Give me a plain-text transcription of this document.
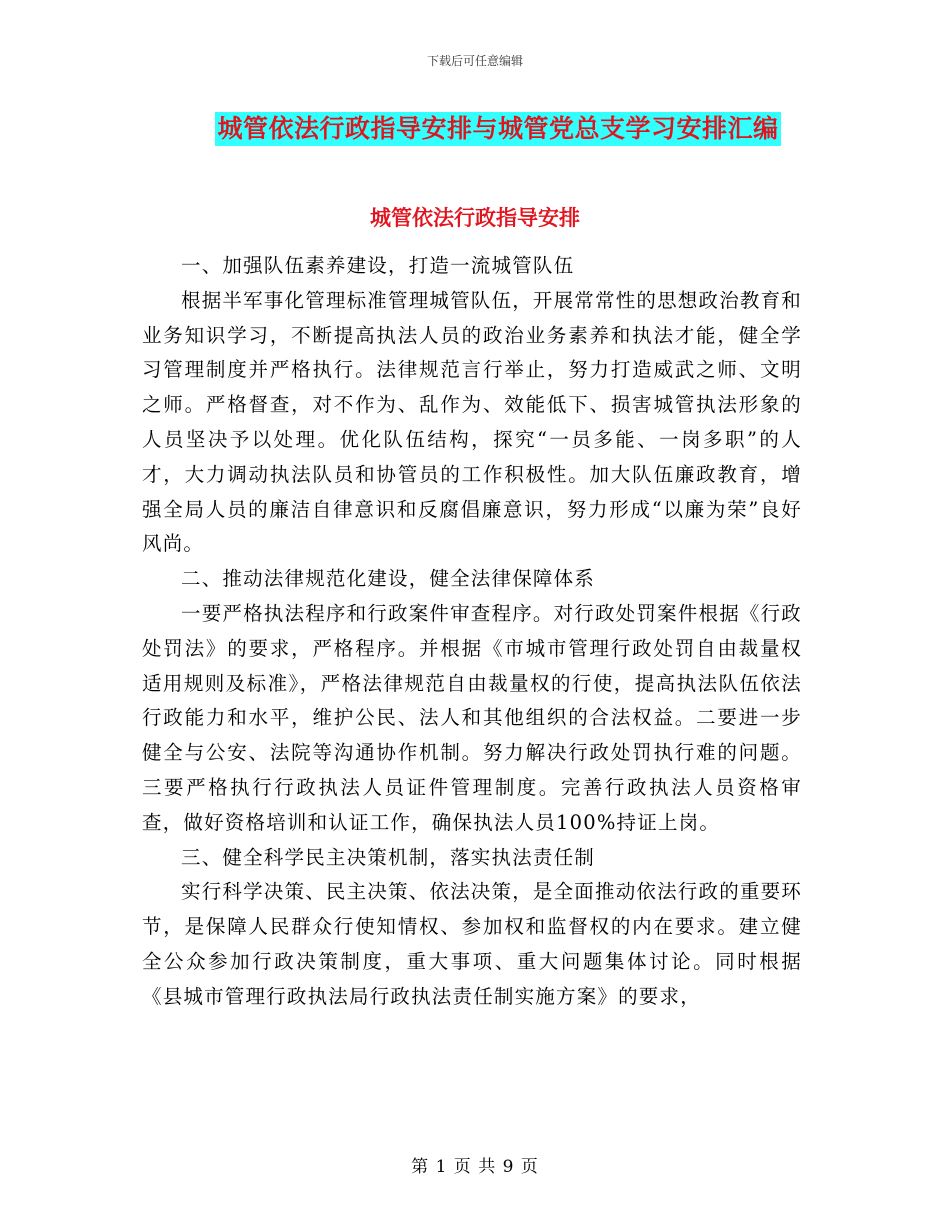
下载后可任意编辑
城管依法行政指导安排与城管党总支学习安排汇编
城管依法行政指导安排

一、加强队伍素养建设，打造一流城管队伍

根据半军事化管理标准管理城管队伍，开展常常性的思想政治教育和业务知识学习，不断提高执法人员的政治业务素养和执法才能，健全学习管理制度并严格执行。法律规范言行举止，努力打造威武之师、文明之师。严格督查，对不作为、乱作为、效能低下、损害城管执法形象的人员坚决予以处理。优化队伍结构，探究“一员多能、一岗多职”的人才，大力调动执法队员和协管员的工作积极性。加大队伍廉政教育，增强全局人员的廉洁自律意识和反腐倡廉意识，努力形成“以廉为荣”良好风尚。

二、推动法律规范化建设，健全法律保障体系

一要严格执法程序和行政案件审查程序。对行政处罚案件根据《行政处罚法》的要求，严格程序。并根据《市城市管理行政处罚自由裁量权适用规则及标准》，严格法律规范自由裁量权的行使，提高执法队伍依法行政能力和水平，维护公民、法人和其他组织的合法权益。二要进一步健全与公安、法院等沟通协作机制。努力解决行政处罚执行难的问题。三要严格执行行政执法人员证件管理制度。完善行政执法人员资格审查，做好资格培训和认证工作，确保执法人员100%持证上岗。

三、健全科学民主决策机制，落实执法责任制

实行科学决策、民主决策、依法决策，是全面推动依法行政的重要环节，是保障人民群众行使知情权、参加权和监督权的内在要求。建立健全公众参加行政决策制度，重大事项、重大问题集体讨论。同时根据《县城市管理行政执法局行政执法责任制实施方案》的要求，

第 1 页 共 9 页
